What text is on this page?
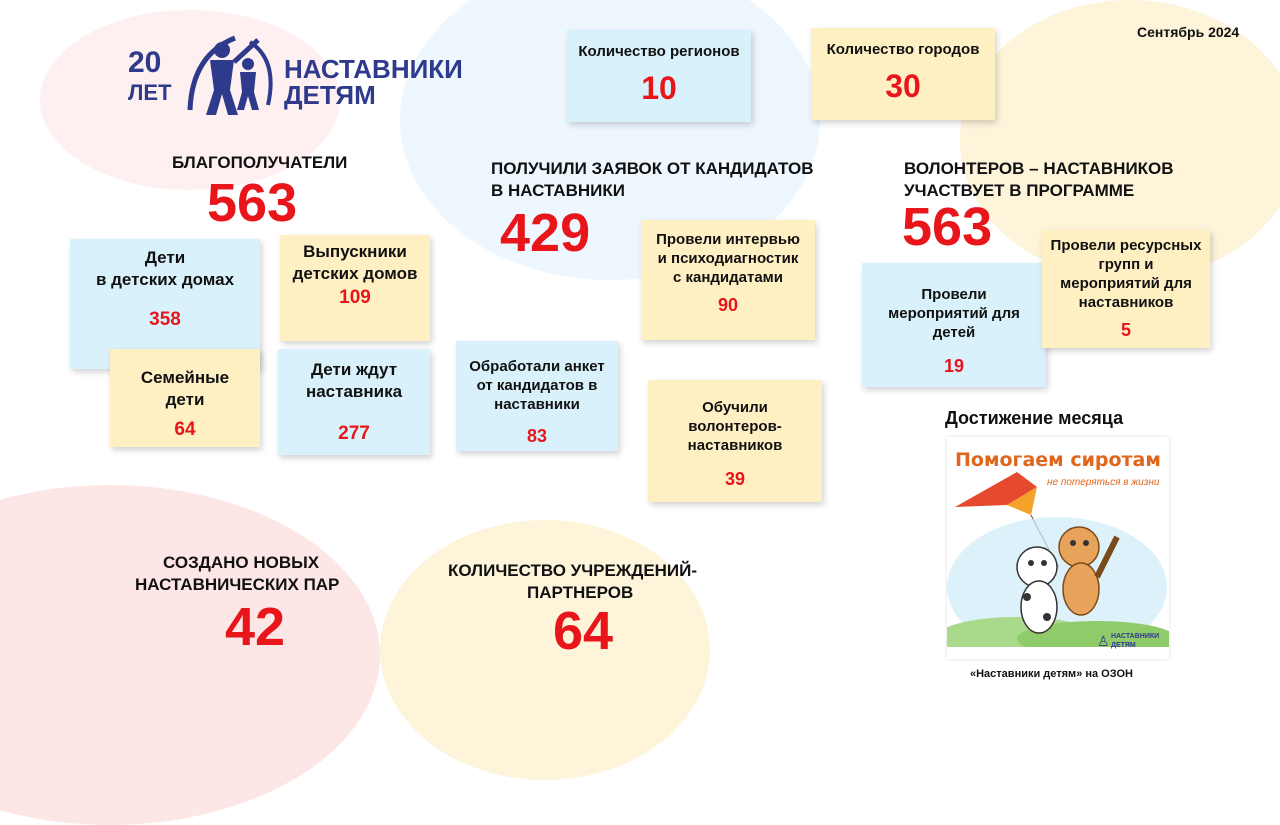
20
ЛЕТ
НАСТАВНИКИ
ДЕТЯМ
Сентябрь 2024
Количество регионов
10
Количество городов
30
БЛАГОПОЛУЧАТЕЛИ
563
Дети
в детских домах
358
Выпускники детских домов
109
Семейные дети
64
Дети ждут наставника
277
ПОЛУЧИЛИ ЗАЯВОК ОТ КАНДИДАТОВ
В НАСТАВНИКИ
429	Провели интервью и психодиагностик с кандидатами
90
Обработали анкет от кандидатов в наставники
83
Обучили волонтеров-наставников
39
ВОЛОНТЕРОВ – НАСТАВНИКОВ
УЧАСТВУЕТ В ПРОГРАММЕ
563
Провели мероприятий для детей
19
Провели ресурсных групп и мероприятий для наставников
5
СОЗДАНО НОВЫХ
НАСТАВНИЧЕСКИХ ПАР
42
КОЛИЧЕСТВО УЧРЕЖДЕНИЙ-
ПАРТНЕРОВ
64
Достижение месяца
Помогаем сиротам
не потеряться в жизни
♙ НАСТАВНИКИ
ДЕТЯМ
«Наставники детям» на ОЗОН
